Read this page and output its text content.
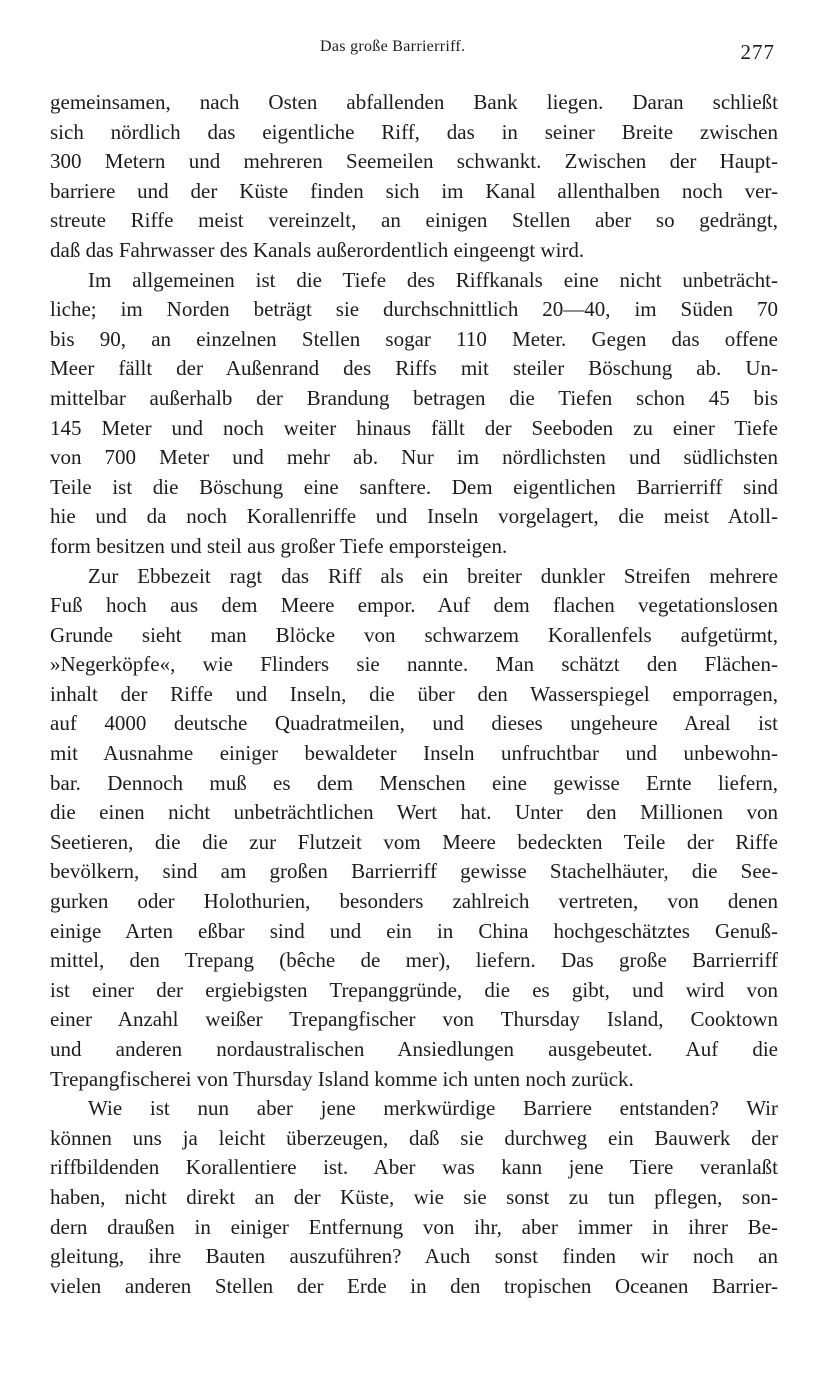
Das große Barrierriff.	277
gemeinsamen, nach Osten abfallenden Bank liegen. Daran schließt
sich nördlich das eigentliche Riff, das in seiner Breite zwischen
300 Metern und mehreren Seemeilen schwankt. Zwischen der Haupt-
barriere und der Küste finden sich im Kanal allenthalben noch ver-
streute Riffe meist vereinzelt, an einigen Stellen aber so gedrängt,
daß das Fahrwasser des Kanals außerordentlich eingeengt wird.
Im allgemeinen ist die Tiefe des Riffkanals eine nicht unbeträcht-
liche; im Norden beträgt sie durchschnittlich 20—40, im Süden 70
bis 90, an einzelnen Stellen sogar 110 Meter. Gegen das offene
Meer fällt der Außenrand des Riffs mit steiler Böschung ab. Un-
mittelbar außerhalb der Brandung betragen die Tiefen schon 45 bis
145 Meter und noch weiter hinaus fällt der Seeboden zu einer Tiefe
von 700 Meter und mehr ab. Nur im nördlichsten und südlichsten
Teile ist die Böschung eine sanftere. Dem eigentlichen Barrierriff sind
hie und da noch Korallenriffe und Inseln vorgelagert, die meist Atoll-
form besitzen und steil aus großer Tiefe emporsteigen.
Zur Ebbezeit ragt das Riff als ein breiter dunkler Streifen mehrere
Fuß hoch aus dem Meere empor. Auf dem flachen vegetationslosen
Grunde sieht man Blöcke von schwarzem Korallenfels aufgetürmt,
»Negerköpfe«, wie Flinders sie nannte. Man schätzt den Flächen-
inhalt der Riffe und Inseln, die über den Wasserspiegel emporragen,
auf 4000 deutsche Quadratmeilen, und dieses ungeheure Areal ist
mit Ausnahme einiger bewaldeter Inseln unfruchtbar und unbewohn-
bar. Dennoch muß es dem Menschen eine gewisse Ernte liefern,
die einen nicht unbeträchtlichen Wert hat. Unter den Millionen von
Seetieren, die die zur Flutzeit vom Meere bedeckten Teile der Riffe
bevölkern, sind am großen Barrierriff gewisse Stachelhäuter, die See-
gurken oder Holothurien, besonders zahlreich vertreten, von denen
einige Arten eßbar sind und ein in China hochgeschätztes Genuß-
mittel, den Trepang (bêche de mer), liefern. Das große Barrierriff
ist einer der ergiebigsten Trepanggründe, die es gibt, und wird von
einer Anzahl weißer Trepangfischer von Thursday Island, Cooktown
und anderen nordaustralischen Ansiedlungen ausgebeutet. Auf die
Trepangfischerei von Thursday Island komme ich unten noch zurück.
Wie ist nun aber jene merkwürdige Barriere entstanden? Wir
können uns ja leicht überzeugen, daß sie durchweg ein Bauwerk der
riffbildenden Korallentiere ist. Aber was kann jene Tiere veranlaßt
haben, nicht direkt an der Küste, wie sie sonst zu tun pflegen, son-
dern draußen in einiger Entfernung von ihr, aber immer in ihrer Be-
gleitung, ihre Bauten auszuführen? Auch sonst finden wir noch an
vielen anderen Stellen der Erde in den tropischen Oceanen Barrier-
